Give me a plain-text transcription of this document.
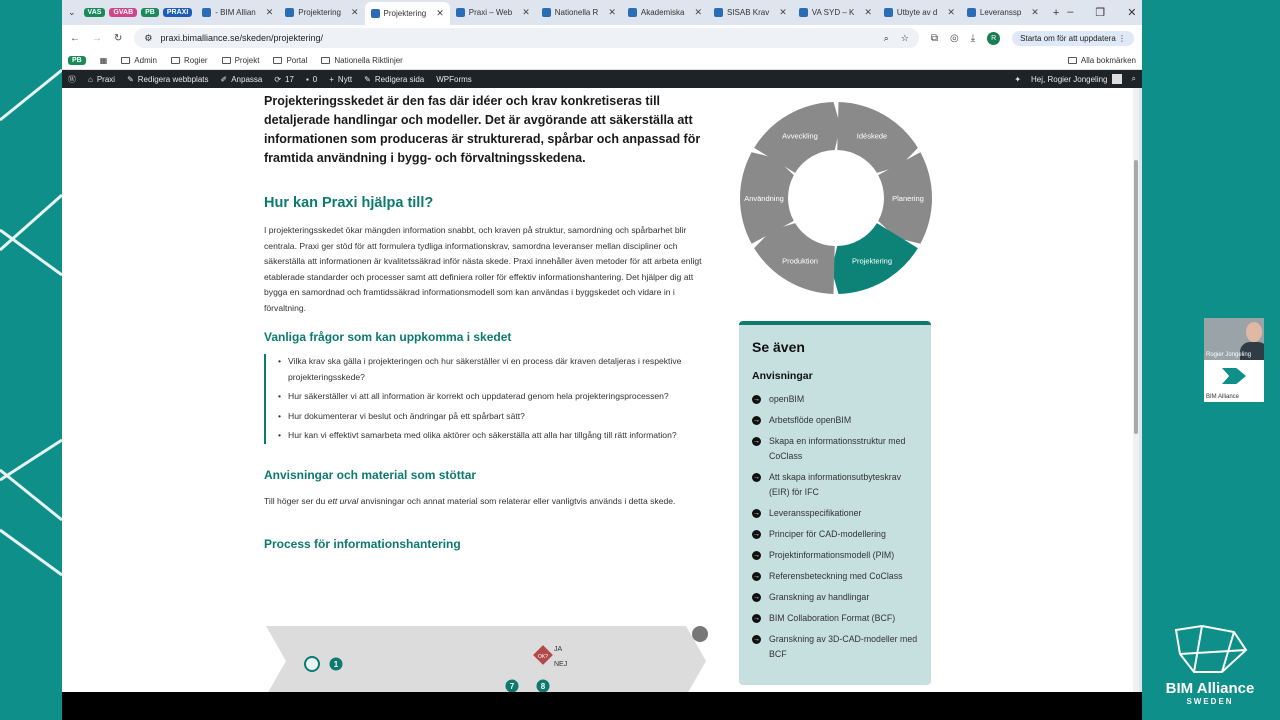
⌄	VAS	GVAB	PB	PRAXI	- BIM Allian ✕	Projektering ✕	Projektering ✕	Praxi – Web ✕	Nationella R ✕	Akademiska ✕	SISAB Krav ✕	VA SYD – K ✕	Utbyte av d ✕	Leveranssp ✕ + – ❐ ✕
← → ↻ ⚙ praxi.bimalliance.se/skeden/projektering/	⌕ ☆ ⧉ ◎ ⤓	R	Starta om för att uppdatera ⋮
PB	▦	Admin	Rogier	Projekt	Portal	Nationella Riktlinjer	Alla bokmärken
Ⓦ ⌂ Praxi ✎ Redigera webbplats ✐ Anpassa ⟳ 17 ▪ 0 + Nytt ✎ Redigera sida WPForms	✦ Hej, Rogier Jongeling	⌕

Projekteringsskedet är den fas där idéer och krav konkretiseras till detaljerade handlingar och modeller. Det är avgörande att säkerställa att informationen som produceras är strukturerad, spårbar och anpassad för framtida användning i bygg- och förvaltningsskedena.

Hur kan Praxi hjälpa till?

I projekteringsskedet ökar mängden information snabbt, och kraven på struktur, samordning och spårbarhet blir centrala. Praxi ger stöd för att formulera tydliga informationskrav, samordna leveranser mellan discipliner och säkerställa att informationen är kvalitetssäkrad inför nästa skede. Praxi innehåller även metoder för att arbeta enligt etablerade standarder och processer samt att definiera roller för effektiv informationshantering. Det hjälper dig att bygga en samordnad och framtidssäkrad informationsmodell som kan användas i byggskedet och vidare in i förvaltning.

Vanliga frågor som kan uppkomma i skedet
• Vilka krav ska gälla i projekteringen och hur säkerställer vi en process där kraven detaljeras i respektive projekteringsskede?
• Hur säkerställer vi att all information är korrekt och uppdaterad genom hela projekteringsprocessen?
• Hur dokumenterar vi beslut och ändringar på ett spårbart sätt?
• Hur kan vi effektivt samarbeta med olika aktörer och säkerställa att alla har tillgång till rätt information?
Anvisningar och material som stöttar

Till höger ser du ett urval anvisningar och annat material som relaterar eller vanligtvis används i detta skede.

Process för informationshantering
1
OK?
JA
NEJ
7	8
Idéskede
Planering
Projektering
Produktion
Användning
Avveckling
Se även
Anvisningar
→ openBIM
→ Arbetsflöde openBIM
→ Skapa en informationsstruktur med CoClass
→ Att skapa informationsutbyteskrav (EIR) för IFC
→ Leveransspecifikationer
→ Principer för CAD-modellering
→ Projektinformationsmodell (PIM)
→ Referensbeteckning med CoClass
→ Granskning av handlingar
→ BIM Collaboration Format (BCF)
→ Granskning av 3D-CAD-modeller med BCF
Rogier Jongeling
BIM Alliance
BIM Alliance
SWEDEN
